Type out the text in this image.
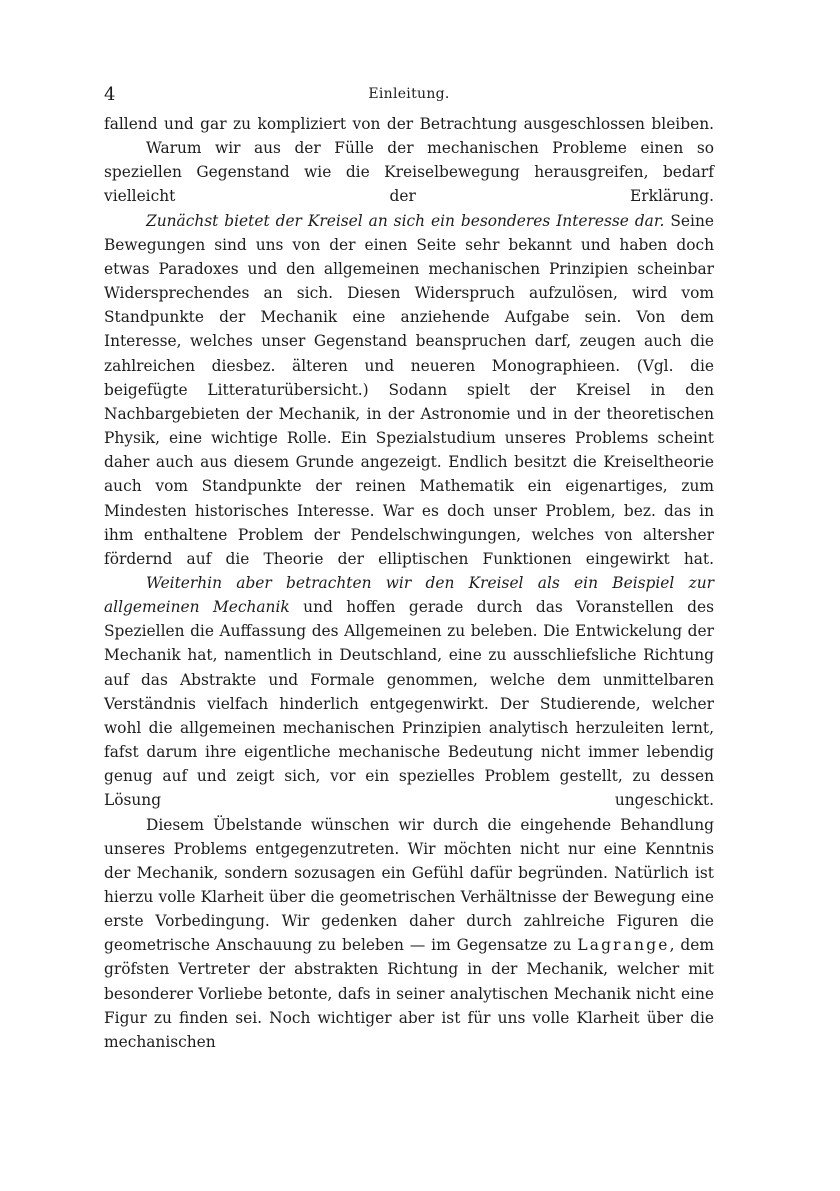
4	Einleitung.

fallend und gar zu kompliziert von der Betrachtung ausgeschlossen bleiben.

Warum wir aus der Fülle der mechanischen Probleme einen so speziellen Gegenstand wie die Kreiselbewegung herausgreifen, bedarf vielleicht der Erklärung.

Zunächst bietet der Kreisel an sich ein besonderes Interesse dar. Seine Bewegungen sind uns von der einen Seite sehr bekannt und haben doch etwas Paradoxes und den allgemeinen mechanischen Prinzipien scheinbar Widersprechendes an sich. Diesen Widerspruch aufzulösen, wird vom Standpunkte der Mechanik eine anziehende Aufgabe sein. Von dem Interesse, welches unser Gegenstand beanspruchen darf, zeugen auch die zahlreichen diesbez. älteren und neueren Monographieen. (Vgl. die beigefügte Litteraturübersicht.) Sodann spielt der Kreisel in den Nachbargebieten der Mechanik, in der Astronomie und in der theoretischen Physik, eine wichtige Rolle. Ein Spezialstudium unseres Problems scheint daher auch aus diesem Grunde angezeigt. Endlich besitzt die Kreiseltheorie auch vom Standpunkte der reinen Mathematik ein eigenartiges, zum Mindesten historisches Interesse. War es doch unser Problem, bez. das in ihm enthaltene Problem der Pendelschwingungen, welches von altersher fördernd auf die Theorie der elliptischen Funktionen eingewirkt hat.

Weiterhin aber betrachten wir den Kreisel als ein Beispiel zur allgemeinen Mechanik und hoffen gerade durch das Voranstellen des Speziellen die Auffassung des Allgemeinen zu beleben. Die Entwickelung der Mechanik hat, namentlich in Deutschland, eine zu ausschliefsliche Richtung auf das Abstrakte und Formale genommen, welche dem unmittelbaren Verständnis vielfach hinderlich entgegenwirkt. Der Studierende, welcher wohl die allgemeinen mechanischen Prinzipien analytisch herzuleiten lernt, fafst darum ihre eigentliche mechanische Bedeutung nicht immer lebendig genug auf und zeigt sich, vor ein spezielles Problem gestellt, zu dessen Lösung ungeschickt.

Diesem Übelstande wünschen wir durch die eingehende Behandlung unseres Problems entgegenzutreten. Wir möchten nicht nur eine Kenntnis der Mechanik, sondern sozusagen ein Gefühl dafür begründen. Natürlich ist hierzu volle Klarheit über die geometrischen Verhältnisse der Bewegung eine erste Vorbedingung. Wir gedenken daher durch zahlreiche Figuren die geometrische Anschauung zu beleben — im Gegensatze zu Lagrange, dem gröfsten Vertreter der abstrakten Richtung in der Mechanik, welcher mit besonderer Vorliebe betonte, dafs in seiner analytischen Mechanik nicht eine Figur zu finden sei. Noch wichtiger aber ist für uns volle Klarheit über die mechanischen
